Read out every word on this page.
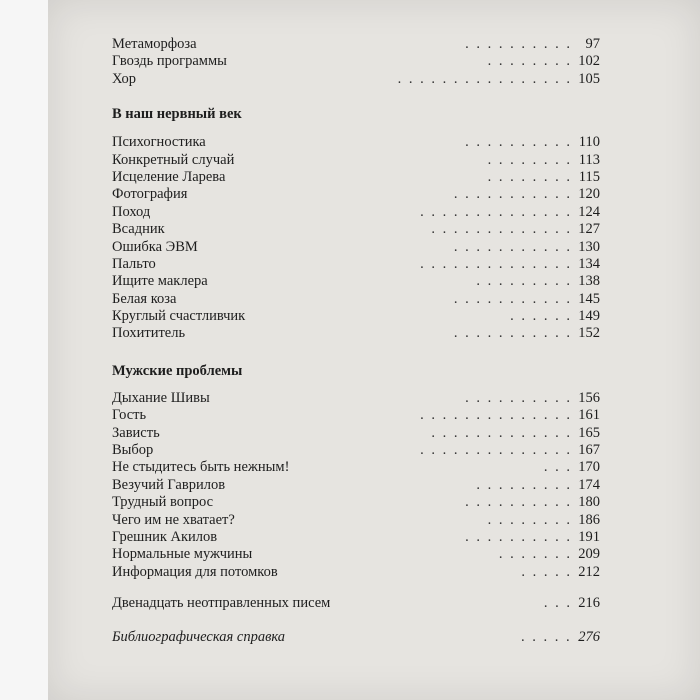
Метаморфоза	. . . . . . . . . . 97
Гвоздь программы	. . . . . . . . 102
Хор	. . . . . . . . . . . . . . . . 105
В наш нервный век
Психогностика	. . . . . . . . . . 110
Конкретный случай	. . . . . . . . 113
Исцеление Ларева	. . . . . . . . 115
Фотография	. . . . . . . . . . . 120
Поход	. . . . . . . . . . . . . . 124
Всадник	. . . . . . . . . . . . . 127
Ошибка ЭВМ	. . . . . . . . . . . 130
Пальто	. . . . . . . . . . . . . . 134
Ищите маклера	. . . . . . . . . 138
Белая коза	. . . . . . . . . . . 145
Круглый счастливчик	. . . . . . 149
Похититель	. . . . . . . . . . . 152
Мужские проблемы
Дыхание Шивы	. . . . . . . . . . 156
Гость	. . . . . . . . . . . . . . 161
Зависть	. . . . . . . . . . . . . 165
Выбор	. . . . . . . . . . . . . . 167
Не стыдитесь быть нежным!	. . . 170
Везучий Гаврилов	. . . . . . . . . 174
Трудный вопрос	. . . . . . . . . . 180
Чего им не хватает?	. . . . . . . . 186
Грешник Акилов	. . . . . . . . . . 191
Нормальные мужчины	. . . . . . . 209
Информация для потомков	. . . . . 212
Двенадцать неотправленных писем	. . . 216
Библиографическая справка	. . . . . 276
